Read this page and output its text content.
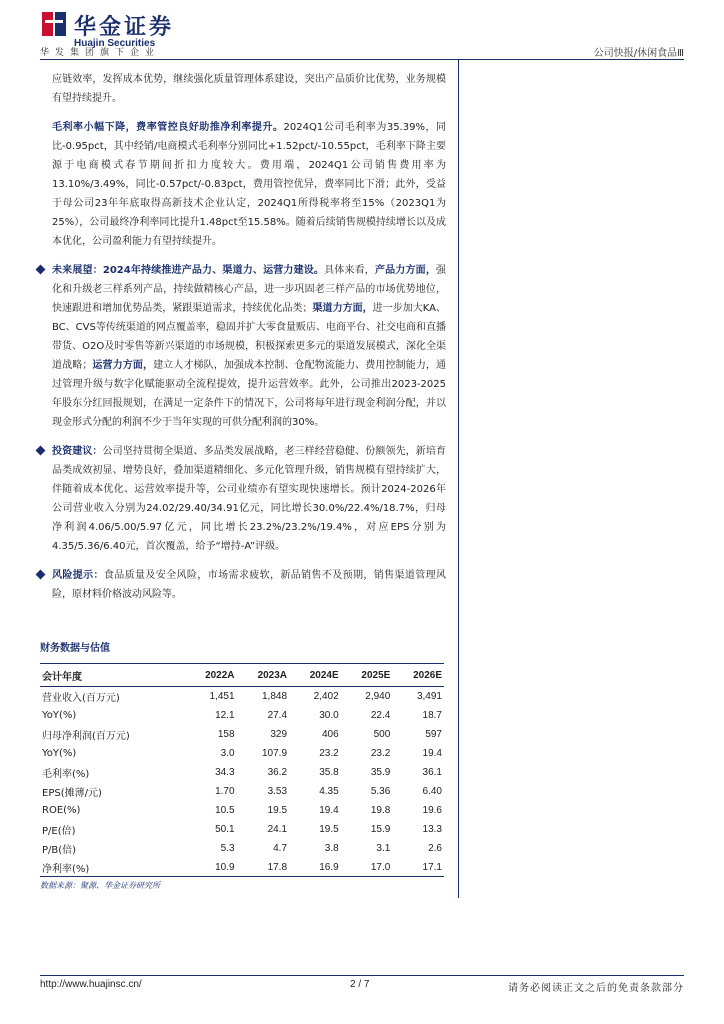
华金证券
Huajin Securities
华发集团旗下企业	公司快报/休闲食品Ⅲ

应链效率，发挥成本优势，继续强化质量管理体系建设，突出产品质价比优势，业务规模有望持续提升。

毛利率小幅下降，费率管控良好助推净利率提升。2024Q1公司毛利率为35.39%，同比-0.95pct，其中经销/电商模式毛利率分别同比+1.52pct/-10.55pct，毛利率下降主要源于电商模式春节期间折扣力度较大。费用端，2024Q1公司销售费用率为13.10%/3.49%，同比-0.57pct/-0.83pct，费用管控优异，费率同比下滑；此外，受益于母公司23年年底取得高新技术企业认定，2024Q1所得税率将至15%（2023Q1为25%），公司最终净利率同比提升1.48pct至15.58%。随着后续销售规模持续增长以及成本优化，公司盈利能力有望持续提升。

未来展望：2024年持续推进产品力、渠道力、运营力建设。具体来看，产品力方面，强化和升级老三样系列产品，持续做精核心产品，进一步巩固老三样产品的市场优势地位，快速跟进和增加优势品类，紧跟渠道需求，持续优化品类；渠道力方面，进一步加大KA、BC、CVS等传统渠道的网点覆盖率，稳固并扩大零食量贩店、电商平台、社交电商和直播带货、O2O及时零售等新兴渠道的市场规模，积极探索更多元的渠道发展模式，深化全渠道战略；运营力方面，建立人才梯队，加强成本控制、仓配物流能力、费用控制能力，通过管理升级与数字化赋能驱动全流程提效，提升运营效率。此外，公司推出2023-2025年股东分红回报规划，在满足一定条件下的情况下，公司将每年进行现金利润分配，并以现金形式分配的利润不少于当年实现的可供分配利润的30%。

投资建议：公司坚持贯彻全渠道、多品类发展战略，老三样经营稳健、份额领先，新培育品类成效初显、增势良好，叠加渠道精细化、多元化管理升级，销售规模有望持续扩大，伴随着成本优化、运营效率提升等，公司业绩亦有望实现快速增长。预计2024-2026年公司营业收入分别为24.02/29.40/34.91亿元，同比增长30.0%/22.4%/18.7%，归母净利润4.06/5.00/5.97亿元，同比增长23.2%/23.2%/19.4%，对应EPS分别为4.35/5.36/6.40元，首次覆盖，给予“增持-A”评级。

风险提示：食品质量及安全风险，市场需求疲软，新品销售不及预期，销售渠道管理风险，原材料价格波动风险等。

财务数据与估值
会计年度	2022A	2023A	2024E	2025E	2026E
营业收入(百万元)	1,451	1,848	2,402	2,940	3,491
YoY(%)	12.1	27.4	30.0	22.4	18.7
归母净利润(百万元)	158	329	406	500	597
YoY(%)	3.0	107.9	23.2	23.2	19.4
毛利率(%)	34.3	36.2	35.8	35.9	36.1
EPS(摊薄/元)	1.70	3.53	4.35	5.36	6.40
ROE(%)	10.5	19.5	19.4	19.8	19.6
P/E(倍)	50.1	24.1	19.5	15.9	13.3
P/B(倍)	5.3	4.7	3.8	3.1	2.6
净利率(%)	10.9	17.8	16.9	17.0	17.1
数据来源：聚源、华金证券研究所
http://www.huajinsc.cn/	2 / 7	请务必阅读正文之后的免责条款部分
